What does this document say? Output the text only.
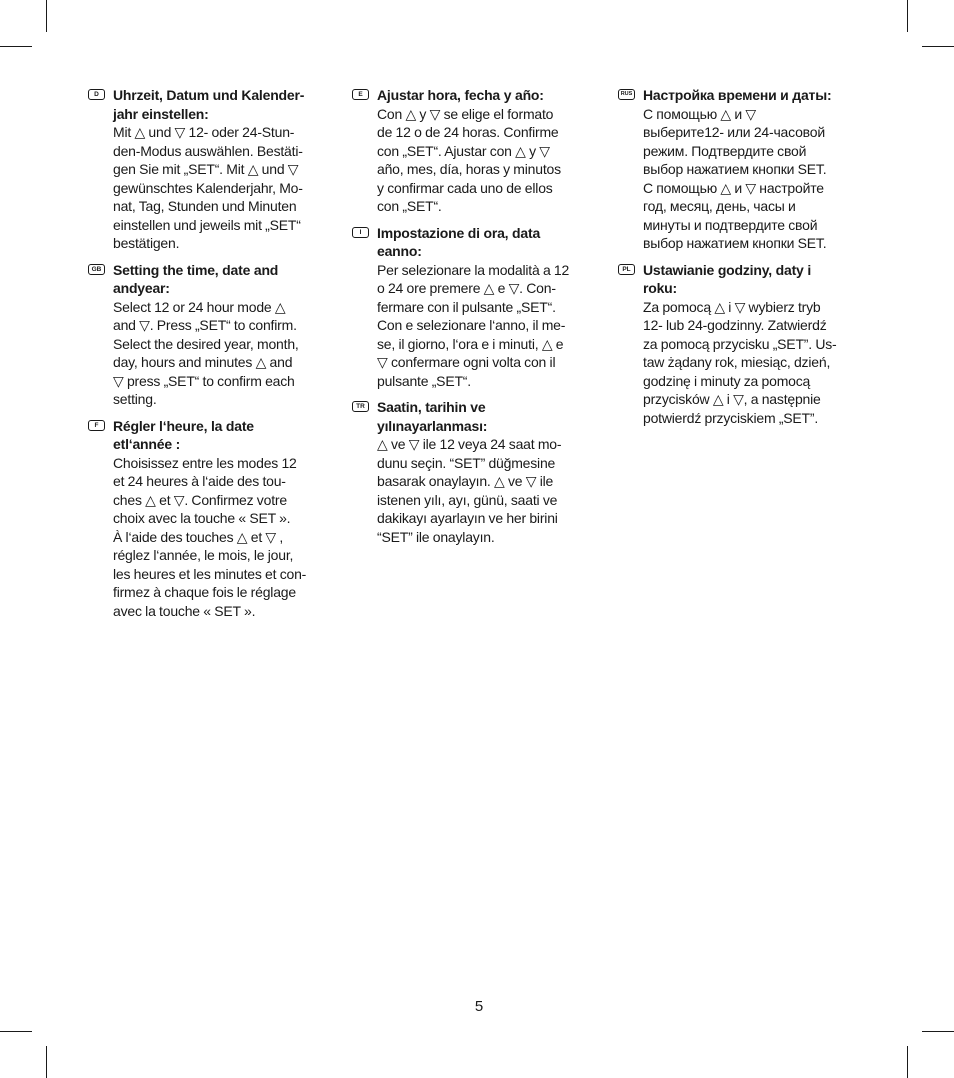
D	Uhrzeit, Datum und Kalender-jahr einstellen:
Mit △ und ▽ 12- oder 24-Stun-
den-Modus auswählen. Bestäti-
gen Sie mit „SET“. Mit △ und ▽
gewünschtes Kalenderjahr, Mo-
nat, Tag, Stunden und Minuten
einstellen und jeweils mit „SET“
bestätigen.
GB Setting the time, date and andyear:
Select 12 or 24 hour mode △
and ▽. Press „SET“ to confirm.
Select the desired year, month,
day, hours and minutes △ and
▽ press „SET“ to confirm each
setting.
F	Régler l‘heure, la date etl‘année :
Choisissez entre les modes 12
et 24 heures à l‘aide des tou-
ches △ et ▽. Confirmez votre
choix avec la touche « SET ».
À l‘aide des touches △ et ▽ ,
réglez l‘année, le mois, le jour,
les heures et les minutes et con-
firmez à chaque fois le réglage
avec la touche « SET ».
E	Ajustar hora, fecha y año:
Con △ y ▽ se elige el formato
de 12 o de 24 horas. Confirme
con „SET“. Ajustar con △ y ▽
año, mes, día, horas y minutos
y confirmar cada uno de ellos
con „SET“.
I	Impostazione di ora, data eanno:
Per selezionare la modalità a 12
o 24 ore premere △ e ▽. Con-
fermare con il pulsante „SET“.
Con e selezionare l‘anno, il me-
se, il giorno, l‘ora e i minuti, △ e
▽ confermare ogni volta con il
pulsante „SET“.
TR Saatin, tarihin ve yılınayarlanması:
△ ve ▽ ile 12 veya 24 saat mo-
dunu seçin. “SET” düğmesine
basarak onaylayın. △ ve ▽ ile
istenen yılı, ayı, günü, saati ve
dakikayı ayarlayın ve her birini
“SET” ile onaylayın.
RUS Настройка времени и даты:
С помощью △ и ▽
выберите12- или 24-часовой
режим. Подтвердите свой
выбор нажатием кнопки SET.
С помощью △ и ▽ настройте
год, месяц, день, часы и
минуты и подтвердите свой
выбор нажатием кнопки SET.
PL Ustawianie godziny, daty i roku:
Za pomocą △ i ▽ wybierz tryb
12- lub 24-godzinny. Zatwierdź
za pomocą przycisku „SET”. Us-
taw żądany rok, miesiąc, dzień,
godzinę i minuty za pomocą
przycisków △ i ▽, a następnie
potwierdź przyciskiem „SET”.
5
